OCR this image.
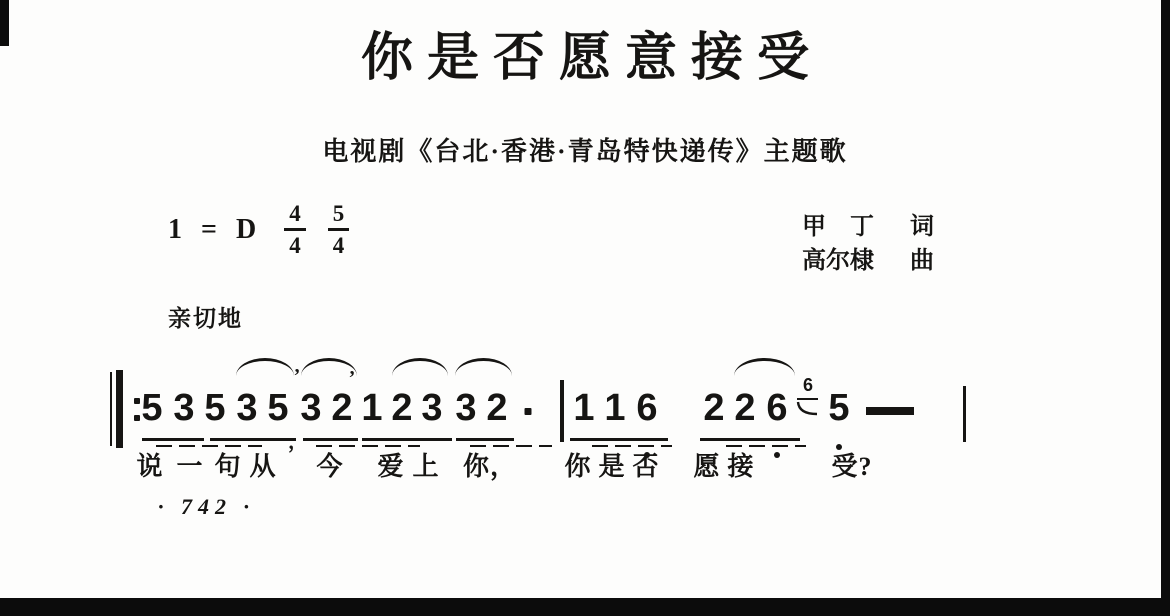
你是否愿意接受
电视剧《台北·香港·青岛特快递传》主题歌
1 = D $\frac{4}{4} \frac{5}{4}$	甲　丁 词
高尔棣 曲
亲切地
5 3 5 3 5 3 2 1 2 3 3 2 1 1 6 2 2 6
6
5
，
’ ’
说 一 句 从 今 爱 上 你， 你 是 否 愿 接	受?
· 742 ·
